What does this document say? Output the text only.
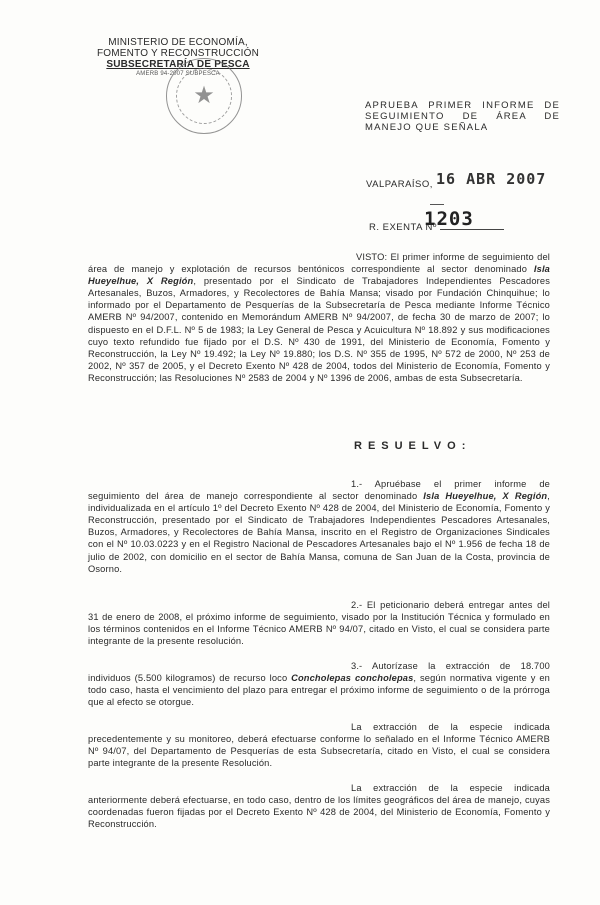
MINISTERIO DE ECONOMÍA,
FOMENTO Y RECONSTRUCCIÓN
SUBSECRETARÍA DE PESCA
AMERB 94-2007 SUBPESCA
★	APRUEBA PRIMER INFORME DE SEGUIMIENTO DE ÁREA DE MANEJO QUE SEÑALA
VALPARAÍSO, 16 ABR 2007
R. EXENTA Nº
1203
VISTO: El primer informe de seguimiento del área de manejo y explotación de recursos bentónicos correspondiente al sector denominado Isla Hueyelhue, X Región, presentado por el Sindicato de Trabajadores Independientes Pescadores Artesanales, Buzos, Armadores, y Recolectores de Bahía Mansa; visado por Fundación Chinquihue; lo informado por el Departamento de Pesquerías de la Subsecretaría de Pesca mediante Informe Técnico AMERB Nº 94/2007, contenido en Memorándum AMERB Nº 94/2007, de fecha 30 de marzo de 2007; lo dispuesto en el D.F.L. Nº 5 de 1983; la Ley General de Pesca y Acuicultura Nº 18.892 y sus modificaciones cuyo texto refundido fue fijado por el D.S. Nº 430 de 1991, del Ministerio de Economía, Fomento y Reconstrucción, la Ley Nº 19.492; la Ley Nº 19.880; los D.S. Nº 355 de 1995, Nº 572 de 2000, Nº 253 de 2002, Nº 357 de 2005, y el Decreto Exento Nº 428 de 2004, todos del Ministerio de Economía, Fomento y Reconstrucción; las Resoluciones Nº 2583 de 2004 y Nº 1396 de 2006, ambas de esta Subsecretaría.
RESUELVO:
1.- Apruébase el primer informe de seguimiento del área de manejo correspondiente al sector denominado Isla Hueyelhue, X Región, individualizada en el artículo 1º del Decreto Exento Nº 428 de 2004, del Ministerio de Economía, Fomento y Reconstrucción, presentado por el Sindicato de Trabajadores Independientes Pescadores Artesanales, Buzos, Armadores, y Recolectores de Bahía Mansa, inscrito en el Registro de Organizaciones Sindicales con el Nº 10.03.0223 y en el Registro Nacional de Pescadores Artesanales bajo el Nº 1.956 de fecha 18 de julio de 2002, con domicilio en el sector de Bahía Mansa, comuna de San Juan de la Costa, provincia de Osorno.
2.- El peticionario deberá entregar antes del 31 de enero de 2008, el próximo informe de seguimiento, visado por la Institución Técnica y formulado en los términos contenidos en el Informe Técnico AMERB Nº 94/07, citado en Visto, el cual se considera parte integrante de la presente resolución.
3.- Autorízase la extracción de 18.700 individuos (5.500 kilogramos) de recurso loco Concholepas concholepas, según normativa vigente y en todo caso, hasta el vencimiento del plazo para entregar el próximo informe de seguimiento o de la prórroga que al efecto se otorgue.
La extracción de la especie indicada precedentemente y su monitoreo, deberá efectuarse conforme lo señalado en el Informe Técnico AMERB Nº 94/07, del Departamento de Pesquerías de esta Subsecretaría, citado en Visto, el cual se considera parte integrante de la presente Resolución.
La extracción de la especie indicada anteriormente deberá efectuarse, en todo caso, dentro de los límites geográficos del área de manejo, cuyas coordenadas fueron fijadas por el Decreto Exento Nº 428 de 2004, del Ministerio de Economía, Fomento y Reconstrucción.
